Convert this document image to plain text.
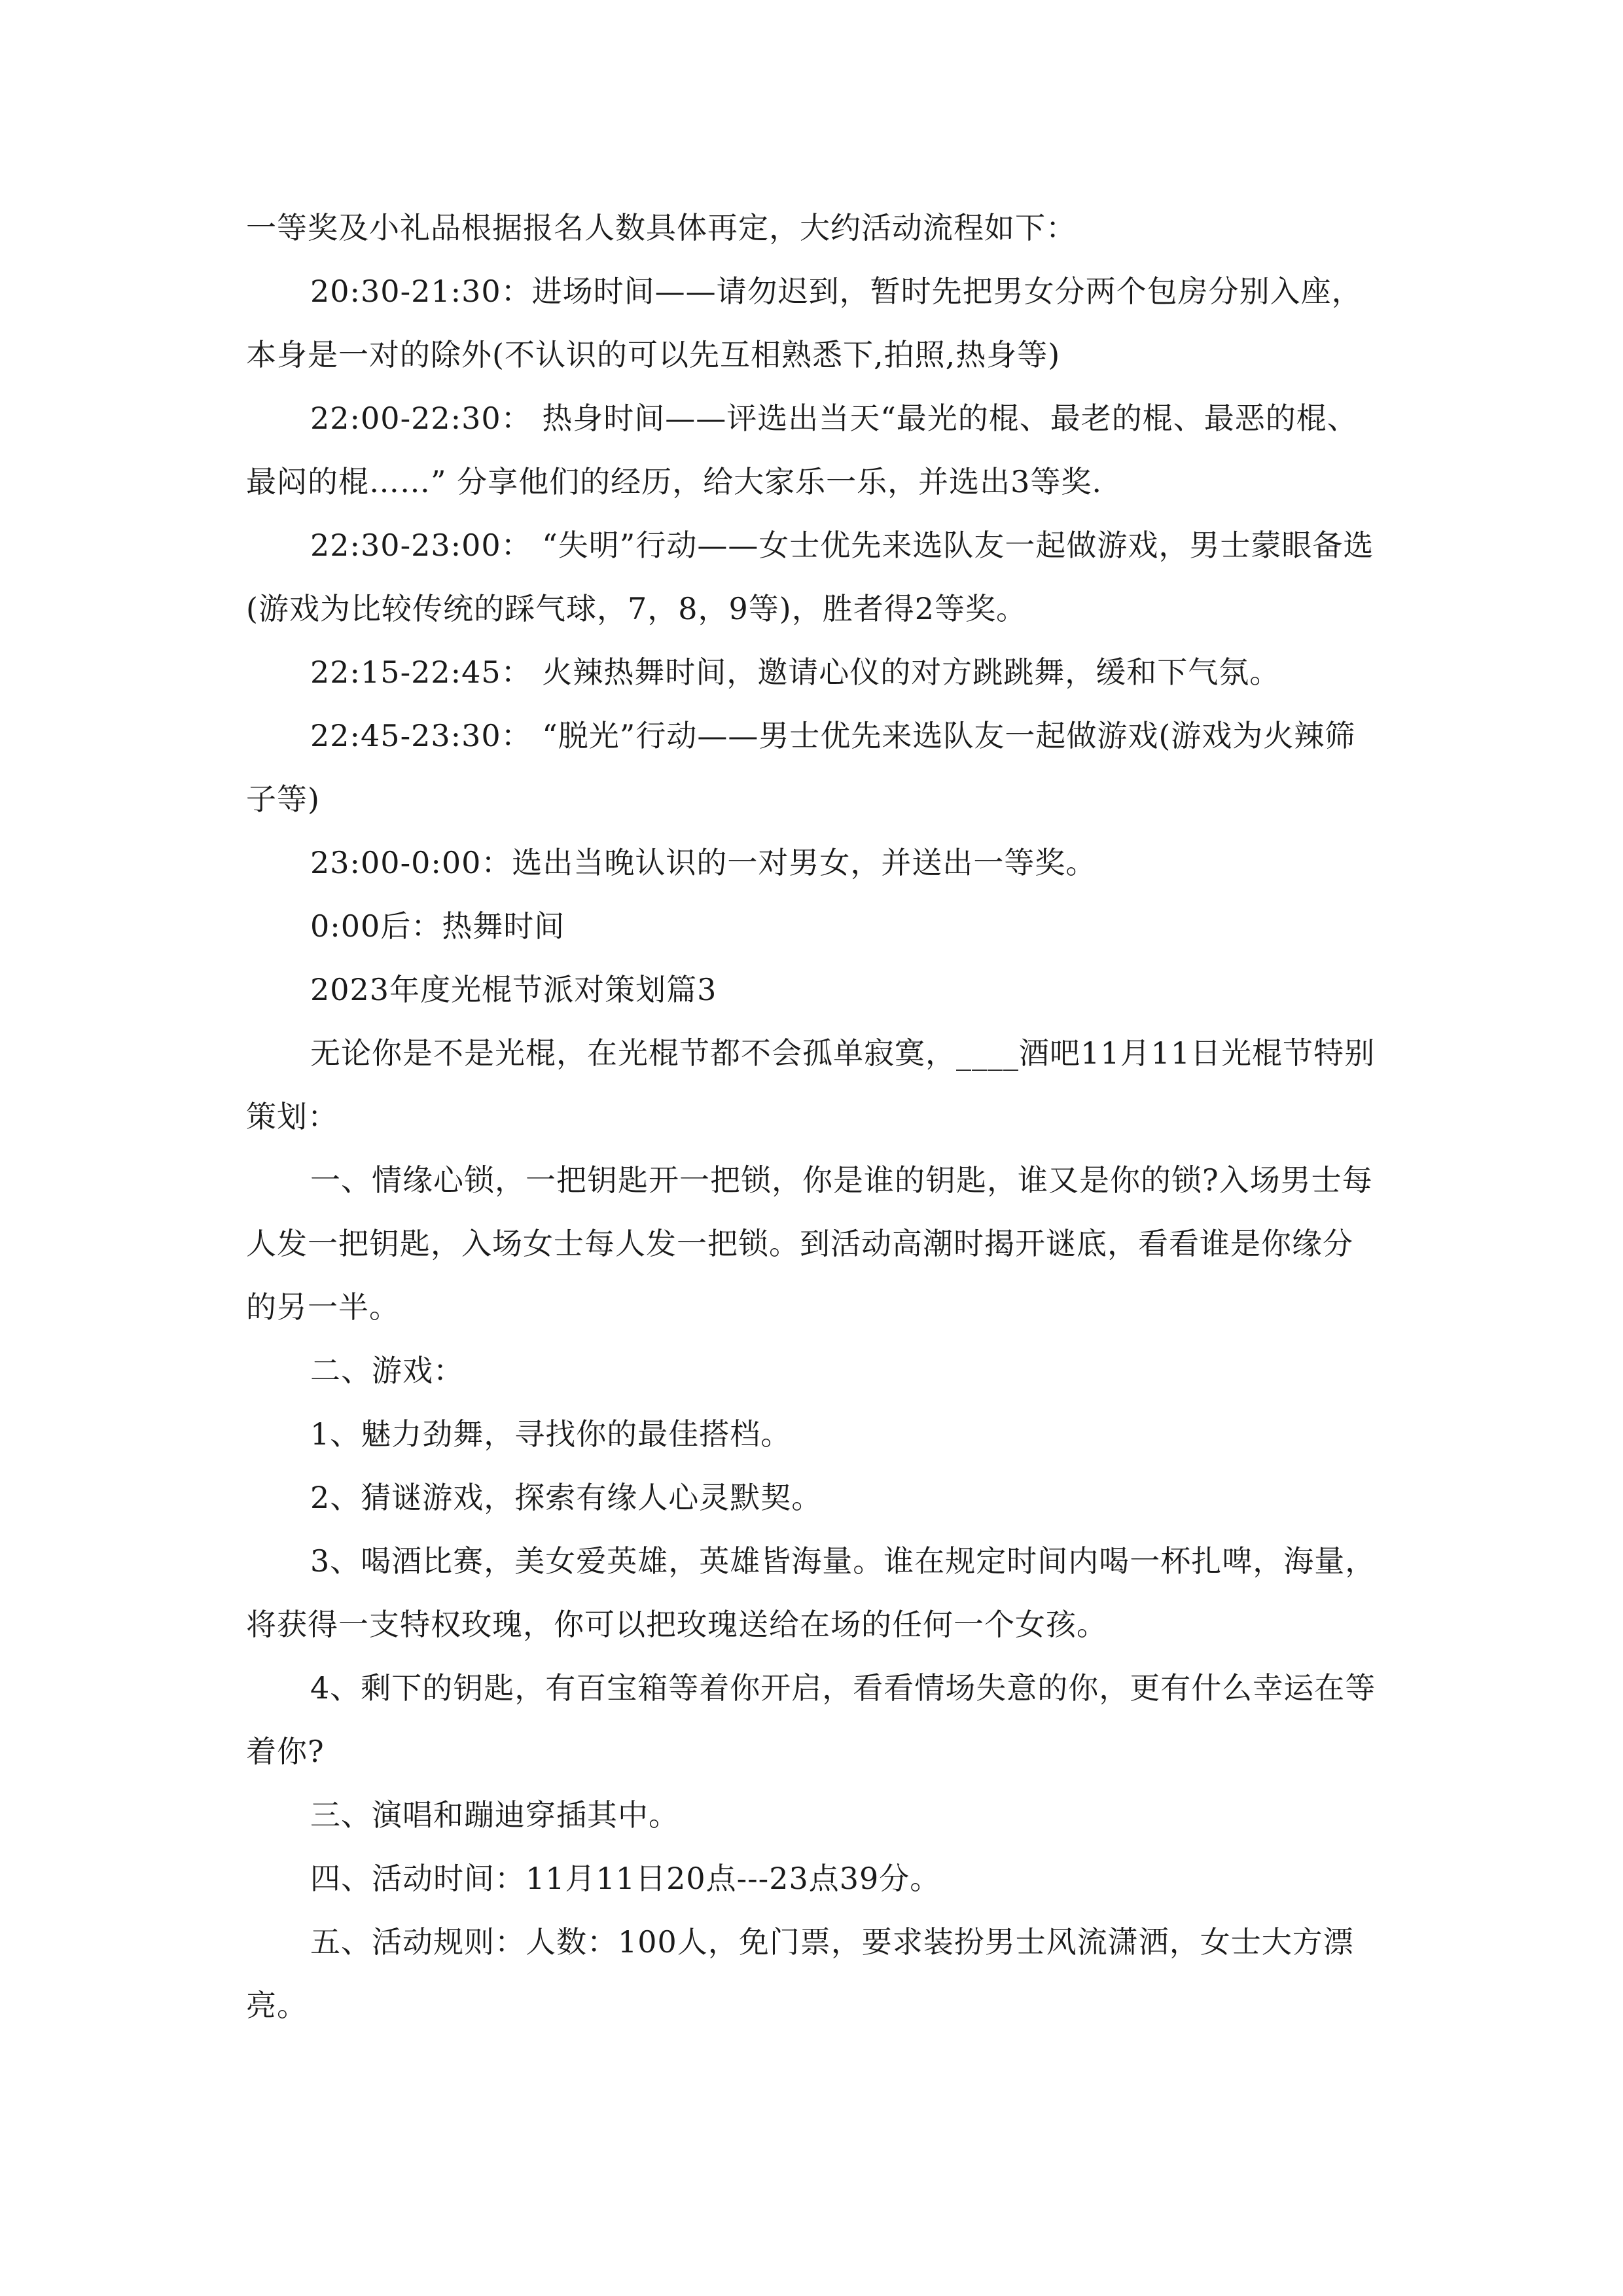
一等奖及小礼品根据报名人数具体再定，大约活动流程如下：

20:30-21:30：进场时间——请勿迟到，暂时先把男女分两个包房分别入座，本身是一对的除外(不认识的可以先互相熟悉下,拍照,热身等)

22:00-22:30： 热身时间——评选出当天“最光的棍、最老的棍、最恶的棍、最闷的棍……” 分享他们的经历，给大家乐一乐，并选出3等奖.

22:30-23:00： “失明”行动——女士优先来选队友一起做游戏，男士蒙眼备选(游戏为比较传统的踩气球，7，8，9等)，胜者得2等奖。

22:15-22:45： 火辣热舞时间，邀请心仪的对方跳跳舞，缓和下气氛。

22:45-23:30： “脱光”行动——男士优先来选队友一起做游戏(游戏为火辣筛子等)

23:00-0:00：选出当晚认识的一对男女，并送出一等奖。

0:00后：热舞时间

2023年度光棍节派对策划篇3

无论你是不是光棍，在光棍节都不会孤单寂寞，____酒吧11月11日光棍节特别策划：

一、情缘心锁，一把钥匙开一把锁，你是谁的钥匙，谁又是你的锁?入场男士每人发一把钥匙，入场女士每人发一把锁。到活动高潮时揭开谜底，看看谁是你缘分的另一半。

二、游戏：

1、魅力劲舞，寻找你的最佳搭档。

2、猜谜游戏，探索有缘人心灵默契。

3、喝酒比赛，美女爱英雄，英雄皆海量。谁在规定时间内喝一杯扎啤，海量，将获得一支特权玫瑰，你可以把玫瑰送给在场的任何一个女孩。

4、剩下的钥匙，有百宝箱等着你开启，看看情场失意的你，更有什么幸运在等着你?

三、演唱和蹦迪穿插其中。

四、活动时间：11月11日20点---23点39分。

五、活动规则：人数：100人，免门票，要求装扮男士风流潇洒，女士大方漂亮。
